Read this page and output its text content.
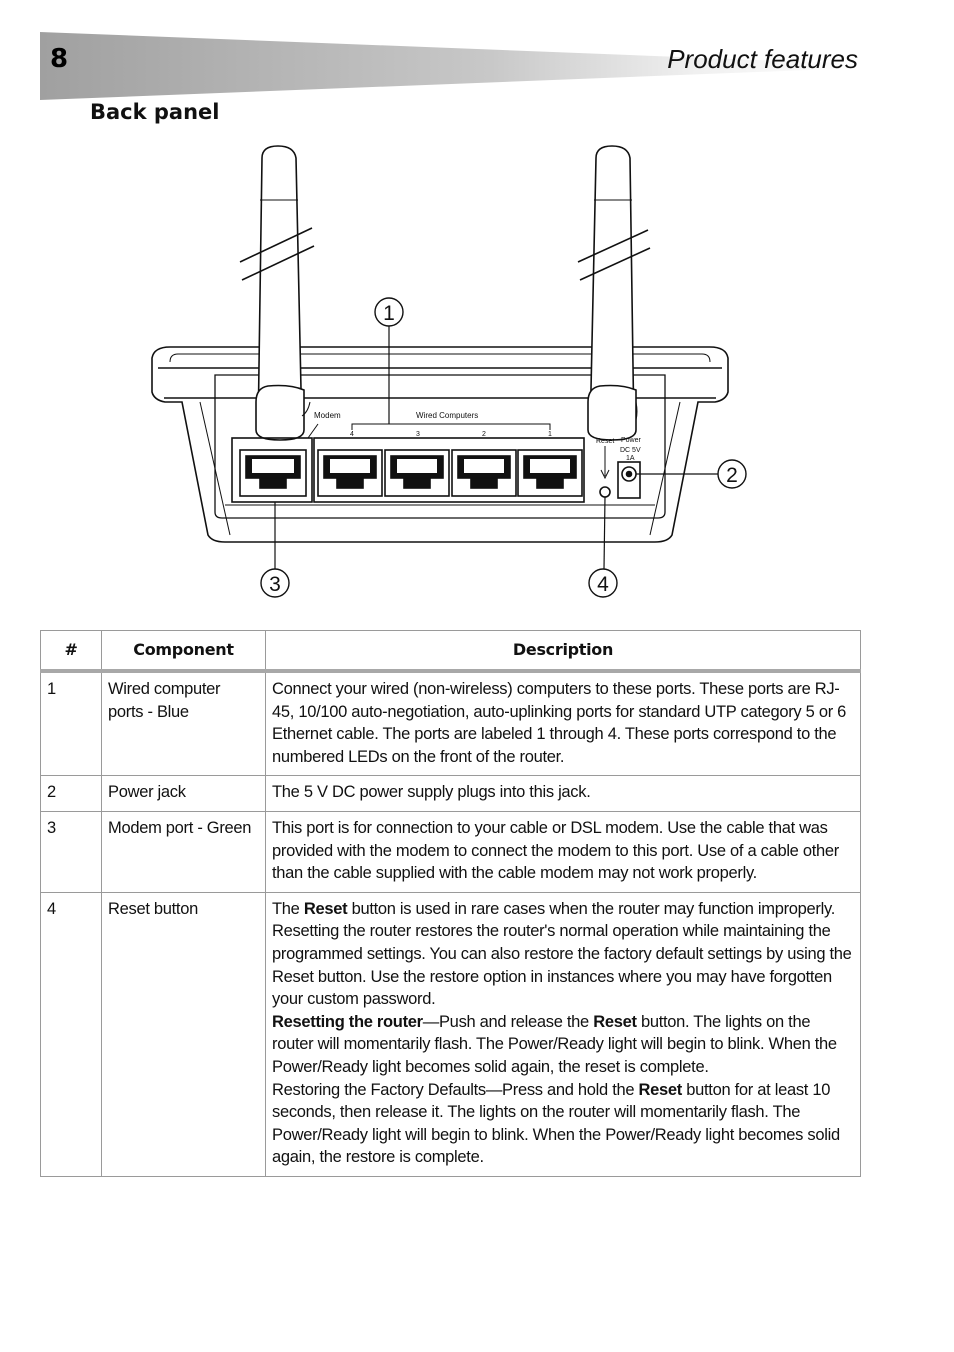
8	Product features
Back panel
Modem	Wired Computers
4	3	2	1
Reset Power
DC 5V
1A
1
2
3	4
#	Component	Description
1	Wired computer ports - Blue	Connect your wired (non-wireless) computers to these ports. These ports are RJ-45, 10/100 auto-negotiation, auto-uplinking ports for standard UTP category 5 or 6 Ethernet cable. The ports are labeled 1 through 4. These ports correspond to the numbered LEDs on the front of the router.
2	Power jack	The 5 V DC power supply plugs into this jack.
3	Modem port - Green	This port is for connection to your cable or DSL modem. Use the cable that was provided with the modem to connect the modem to this port. Use of a cable other than the cable supplied with the cable modem may not work properly.
4	Reset button	The Reset button is used in rare cases when the router may function improperly. Resetting the router restores the router's normal operation while maintaining the programmed settings. You can also restore the factory default settings by using the Reset button. Use the restore option in instances where you may have forgotten your custom password.

Resetting the router—Push and release the Reset button. The lights on the router will momentarily flash. The Power/Ready light will begin to blink. When the Power/Ready light becomes solid again, the reset is complete.

Restoring the Factory Defaults—Press and hold the Reset button for at least 10 seconds, then release it. The lights on the router will momentarily flash. The Power/Ready light will begin to blink. When the Power/Ready light becomes solid again, the restore is complete.
